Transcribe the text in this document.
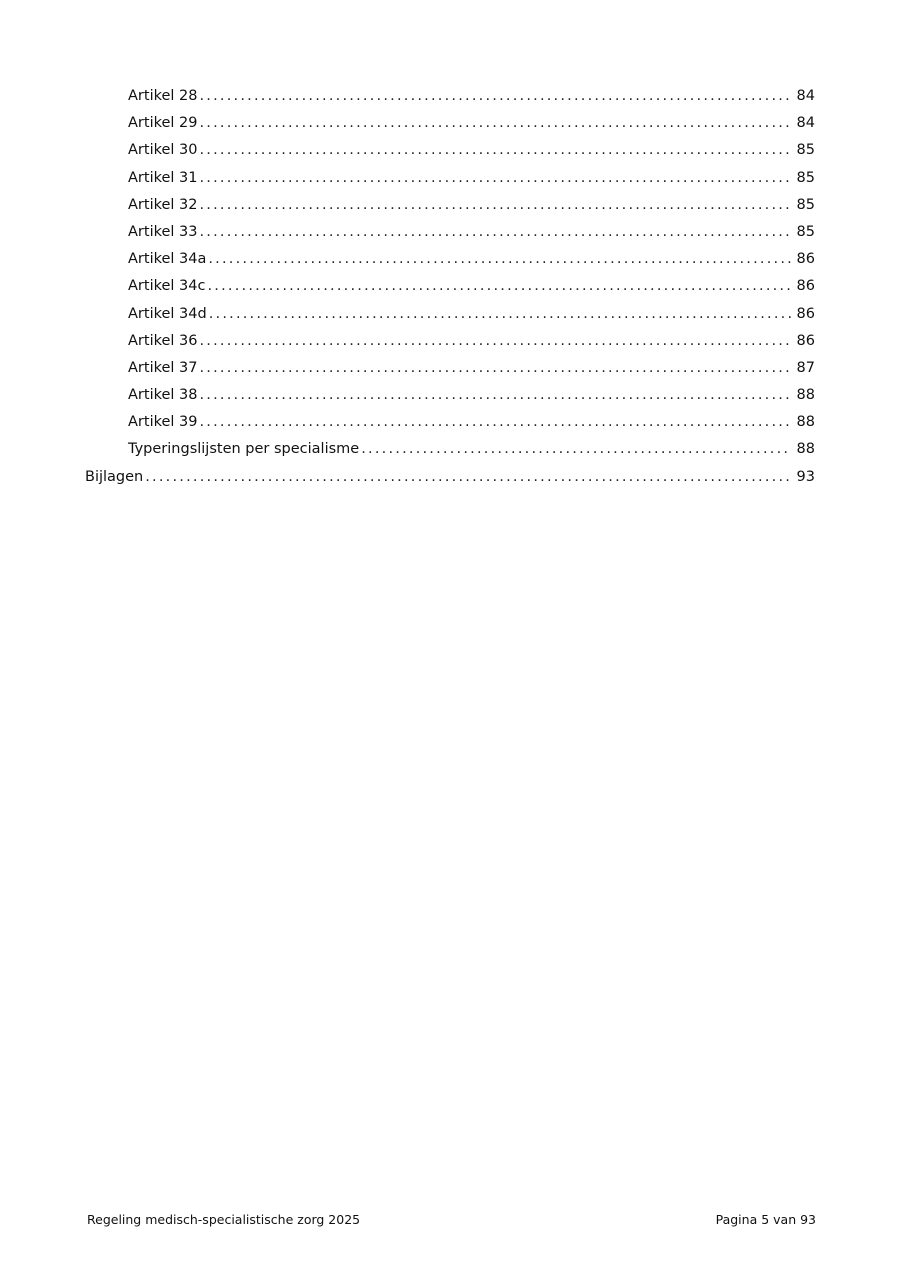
Artikel 28 .....	84
Artikel 29 .....	84
Artikel 30 .....	85
Artikel 31 .....	85
Artikel 32 .....	85
Artikel 33 .....	85
Artikel 34a .....	86
Artikel 34c .....	86
Artikel 34d .....	86
Artikel 36 .....	86
Artikel 37 .....	87
Artikel 38 .....	88
Artikel 39 .....	88
Typeringslijsten per specialisme .....	88
Bijlagen .....	93
Regeling medisch-specialistische zorg 2025	Pagina 5 van 93
